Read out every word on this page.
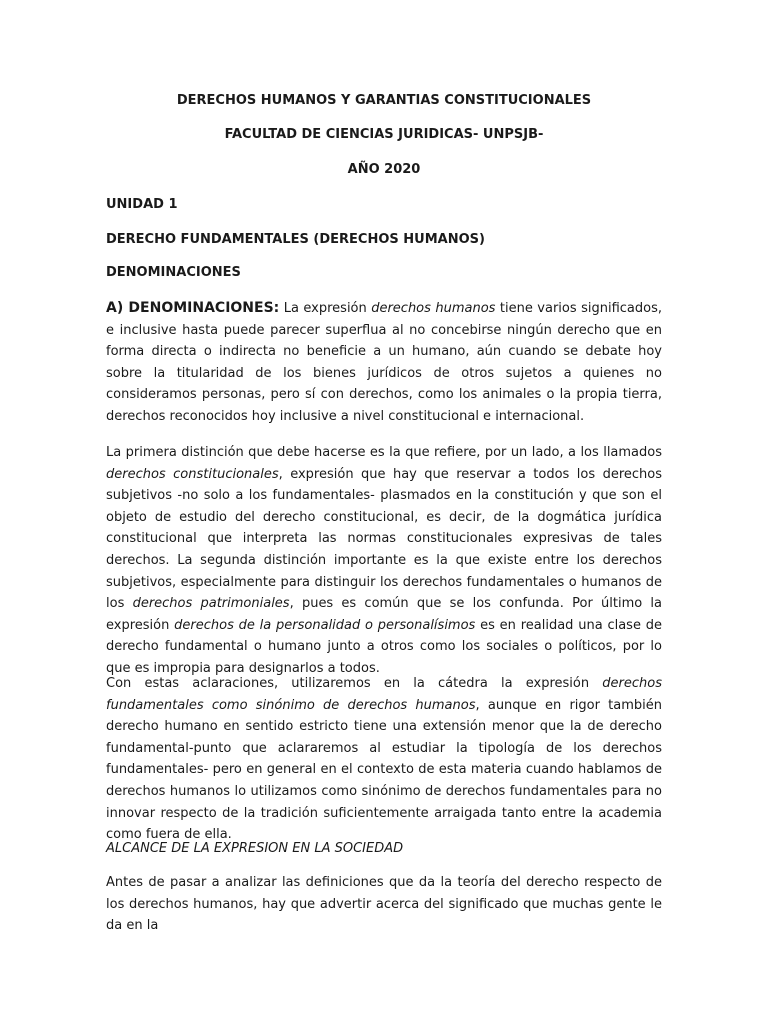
DERECHOS HUMANOS Y GARANTIAS CONSTITUCIONALES

FACULTAD DE CIENCIAS JURIDICAS- UNPSJB-

AÑO 2020

UNIDAD 1

DERECHO FUNDAMENTALES (DERECHOS HUMANOS)

DENOMINACIONES

A) DENOMINACIONES: La expresión derechos humanos tiene varios significados, e inclusive hasta puede parecer superflua al no concebirse ningún derecho que en forma directa o indirecta no beneficie a un humano, aún cuando se debate hoy sobre la titularidad de los bienes jurídicos de otros sujetos a quienes no consideramos personas, pero sí con derechos, como los animales o la propia tierra, derechos reconocidos hoy inclusive a nivel constitucional e internacional.

La primera distinción que debe hacerse es la que refiere, por un lado, a los llamados derechos constitucionales, expresión que hay que reservar a todos los derechos subjetivos -no solo a los fundamentales- plasmados en la constitución y que son el objeto de estudio del derecho constitucional, es decir, de la dogmática jurídica constitucional que interpreta las normas constitucionales expresivas de tales derechos. La segunda distinción importante es la que existe entre los derechos subjetivos, especialmente para distinguir los derechos fundamentales o humanos de los derechos patrimoniales, pues es común que se los confunda. Por último la expresión derechos de la personalidad o personalísimos es en realidad una clase de derecho fundamental o humano junto a otros como los sociales o políticos, por lo que es impropia para designarlos a todos.

Con estas aclaraciones, utilizaremos en la cátedra la expresión derechos fundamentales como sinónimo de derechos humanos, aunque en rigor también derecho humano en sentido estricto tiene una extensión menor que la de derecho fundamental-punto que aclararemos al estudiar la tipología de los derechos fundamentales- pero en general en el contexto de esta materia cuando hablamos de derechos humanos lo utilizamos como sinónimo de derechos fundamentales para no innovar respecto de la tradición suficientemente arraigada tanto entre la academia como fuera de ella.

ALCANCE DE LA EXPRESION EN LA SOCIEDAD

Antes de pasar a analizar las definiciones que da la teoría del derecho respecto de los derechos humanos, hay que advertir acerca del significado que muchas gente le da en la
